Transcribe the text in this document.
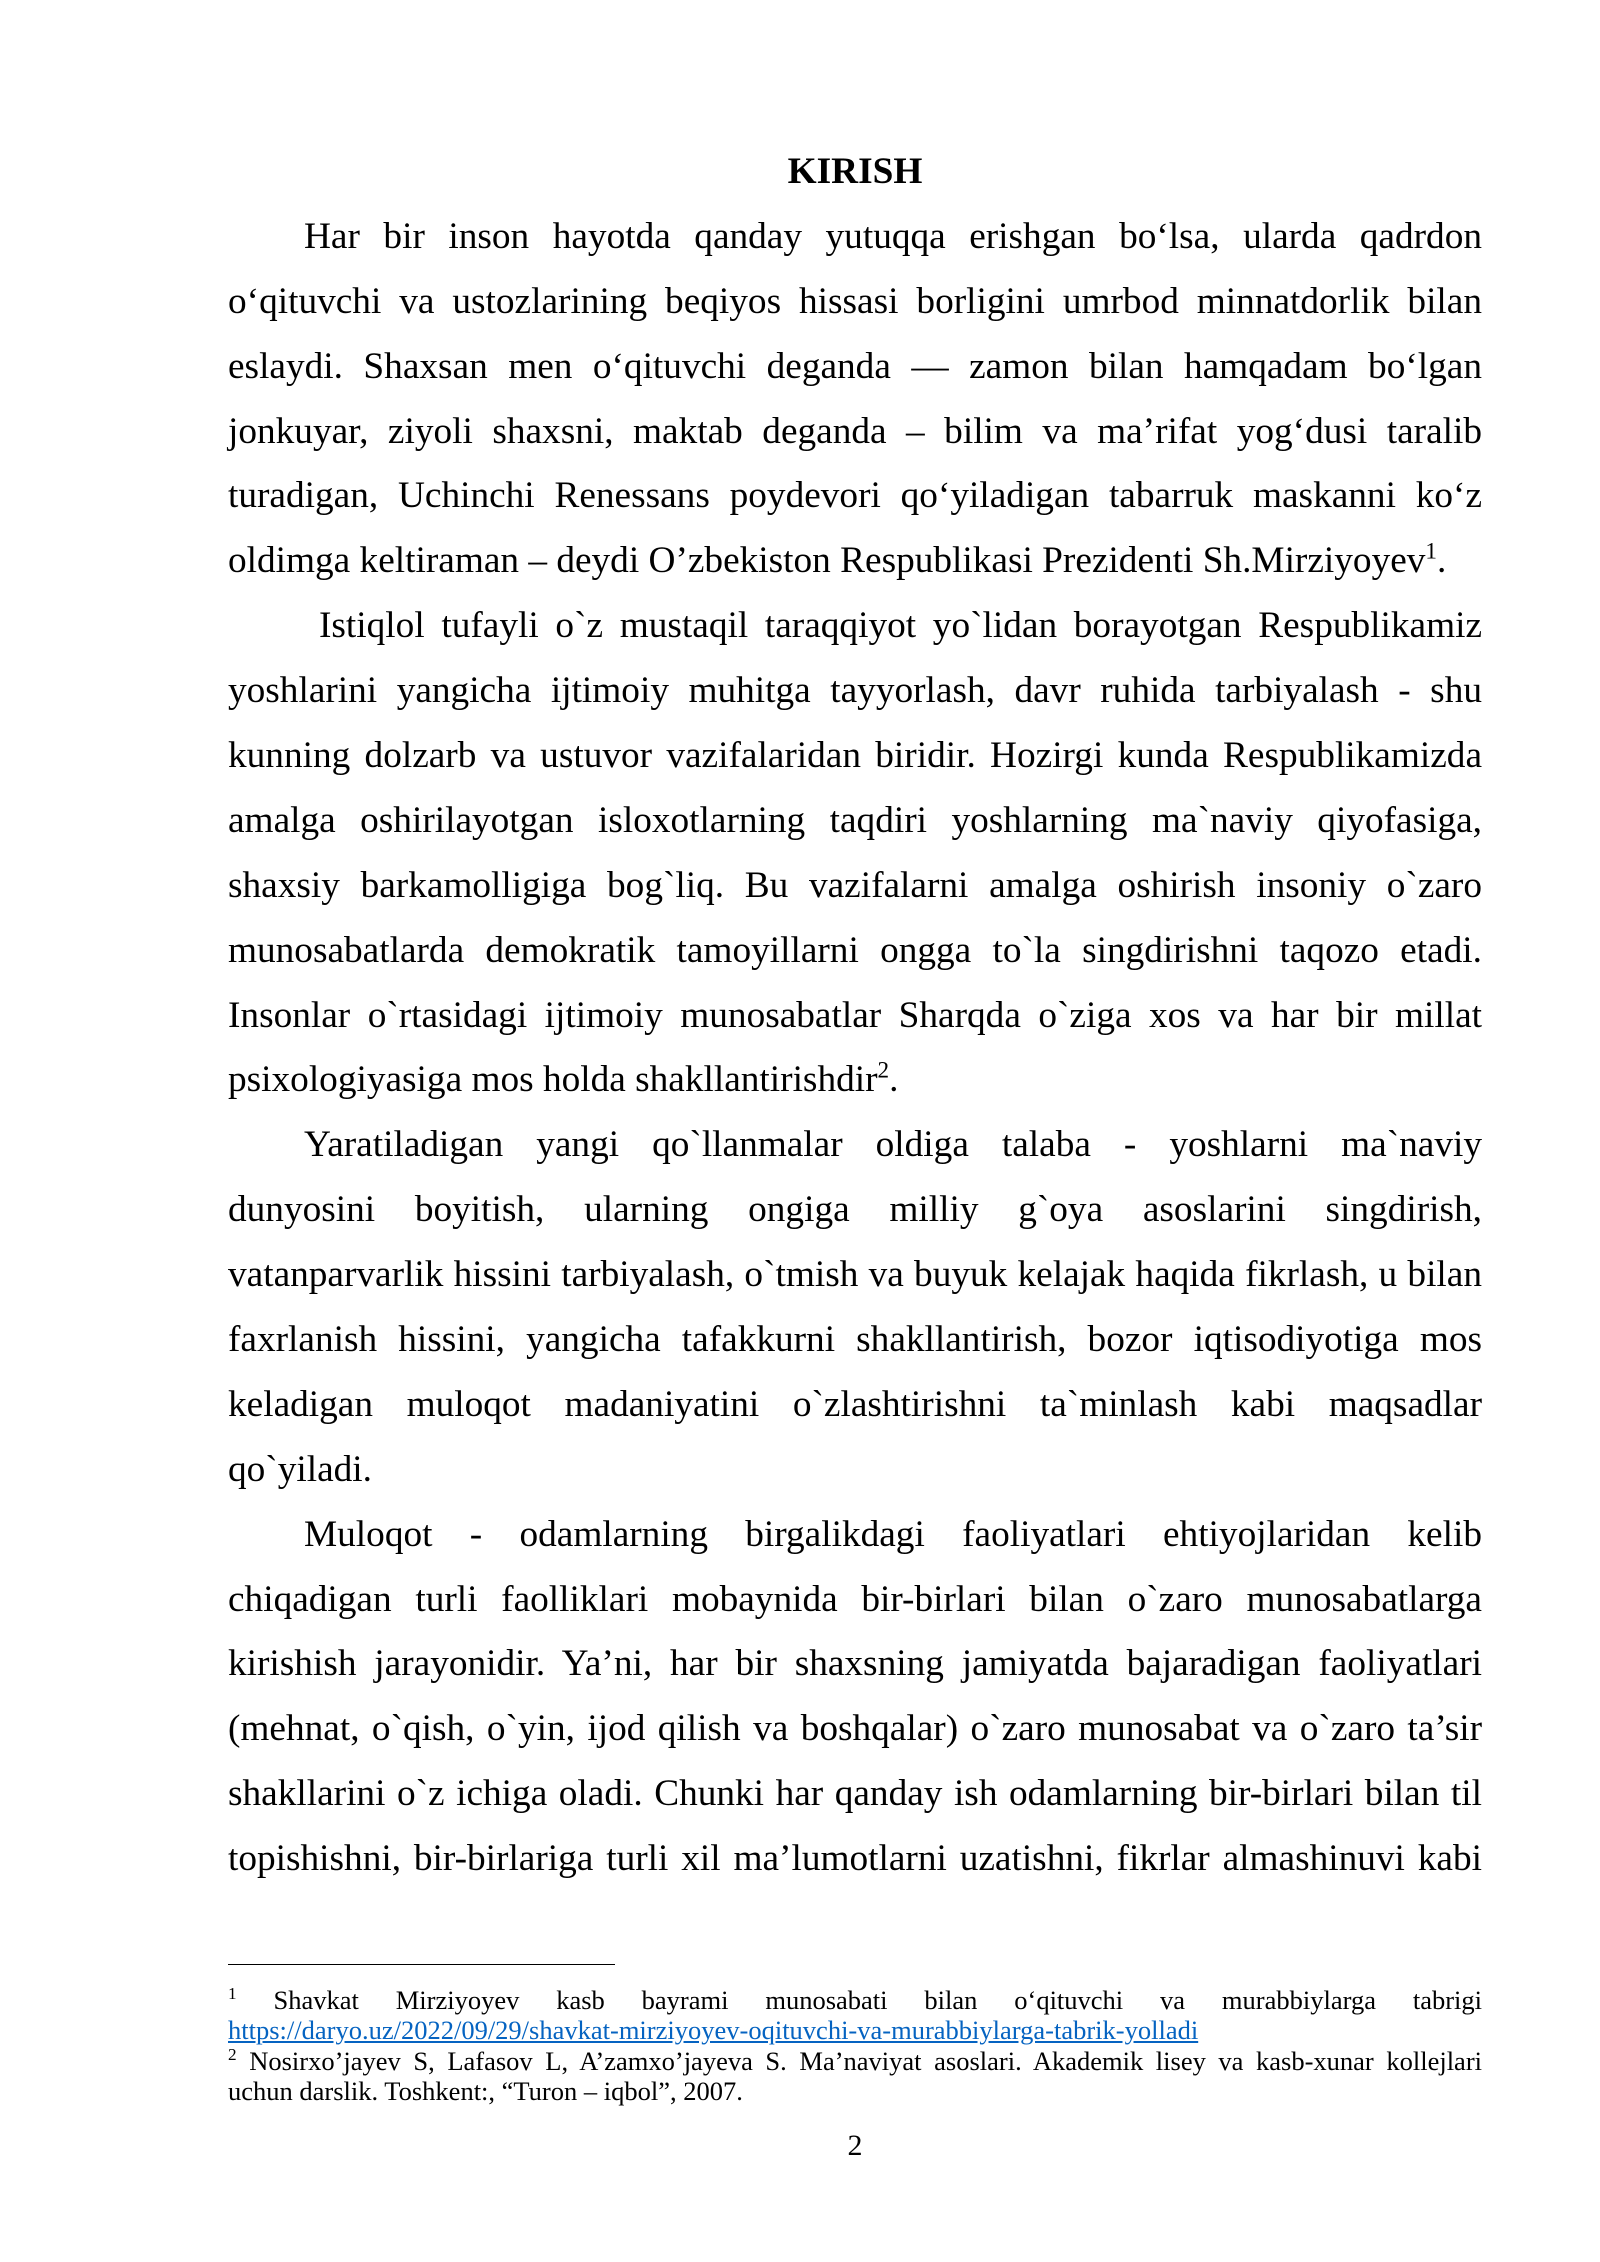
KIRISH
Har bir inson hayotda qanday yutuqqa erishgan bo‘lsa, ularda qadrdon
o‘qituvchi va ustozlarining beqiyos hissasi borligini umrbod minnatdorlik bilan
eslaydi. Shaxsan men o‘qituvchi deganda — zamon bilan hamqadam bo‘lgan
jonkuyar, ziyoli shaxsni, maktab deganda – bilim va ma’rifat yog‘dusi taralib
turadigan, Uchinchi Renessans poydevori qo‘yiladigan tabarruk maskanni ko‘z
oldimga keltiraman – deydi O’zbekiston Respublikasi Prezidenti Sh.Mirziyoyev$^1$.
Istiqlol tufayli o`z mustaqil taraqqiyot yo`lidan borayotgan Respublikamiz
yoshlarini yangicha ijtimoiy muhitga tayyorlash, davr ruhida tarbiyalash - shu
kunning dolzarb va ustuvor vazifalaridan biridir. Hozirgi kunda Respublikamizda
amalga oshirilayotgan isloxotlarning taqdiri yoshlarning ma`naviy qiyofasiga,
shaxsiy barkamolligiga bog`liq. Bu vazifalarni amalga oshirish insoniy o`zaro
munosabatlarda demokratik tamoyillarni ongga to`la singdirishni taqozo etadi.
Insonlar o`rtasidagi ijtimoiy munosabatlar Sharqda o`ziga xos va har bir millat
psixologiyasiga mos holda shakllantirishdir$^2$.
Yaratiladigan yangi qo`llanmalar oldiga talaba - yoshlarni ma`naviy
dunyosini boyitish, ularning ongiga milliy g`oya asoslarini singdirish,
vatanparvarlik hissini tarbiyalash, o`tmish va buyuk kelajak haqida fikrlash, u bilan
faxrlanish hissini, yangicha tafakkurni shakllantirish, bozor iqtisodiyotiga mos
keladigan muloqot madaniyatini o`zlashtirishni ta`minlash kabi maqsadlar
qo`yiladi.
Muloqot - odamlarning birgalikdagi faoliyatlari ehtiyojlaridan kelib
chiqadigan turli faolliklari mobaynida bir-birlari bilan o`zaro munosabatlarga
kirishish jarayonidir. Ya’ni, har bir shaxsning jamiyatda bajaradigan faoliyatlari
(mehnat, o`qish, o`yin, ijod qilish va boshqalar) o`zaro munosabat va o`zaro ta’sir
shakllarini o`z ichiga oladi. Chunki har qanday ish odamlarning bir-birlari bilan til
topishishni, bir-birlariga turli xil ma’lumotlarni uzatishni, fikrlar almashinuvi kabi
$^1$ Shavkat Mirziyoyev kasb bayrami munosabati bilan o‘qituvchi va murabbiylarga tabrigi
https://daryo.uz/2022/09/29/shavkat-mirziyoyev-oqituvchi-va-murabbiylarga-tabrik-yolladi
$^2$ Nosirxo’jayev S, Lafasov L, A’zamxo’jayeva S. Ma’naviyat asoslari. Akademik lisey va kasb-xunar kollejlari
uchun darslik. Toshkent:, “Turon – iqbol”, 2007.
2
